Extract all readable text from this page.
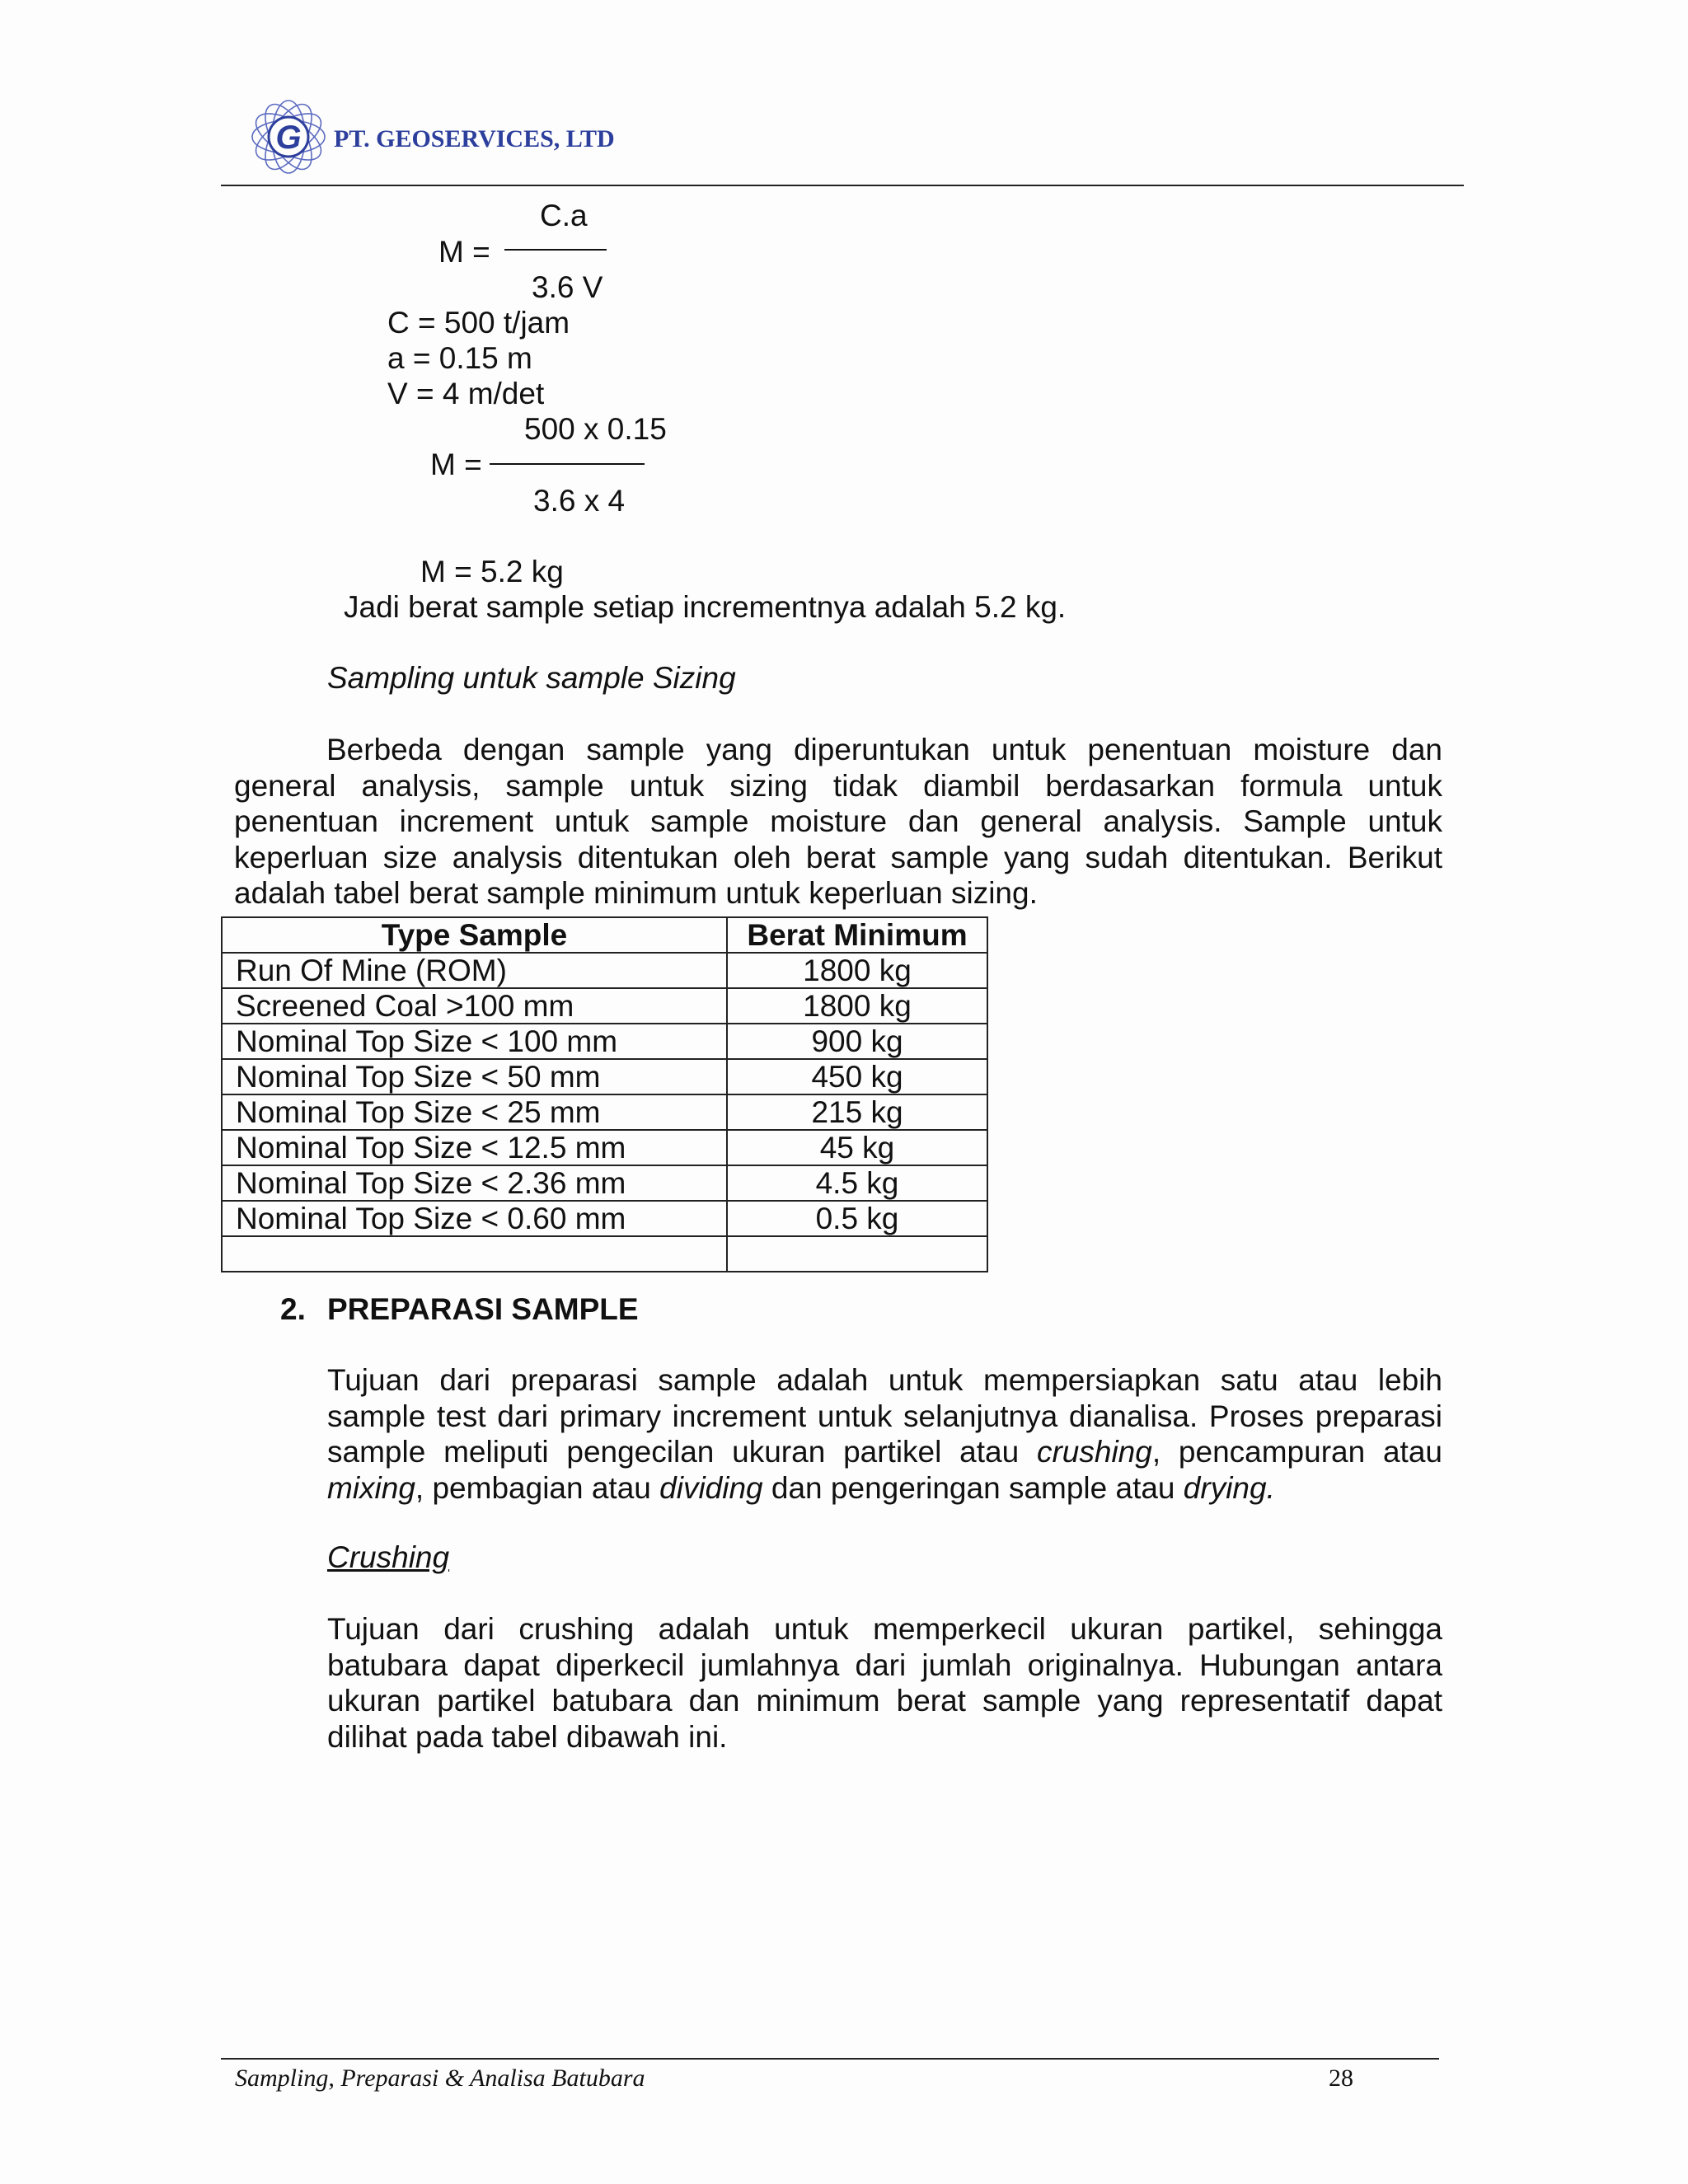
G PT. GEOSERVICES, LTD
M =
C.a
3.6 V
C = 500 t/jam
a = 0.15 m
V = 4 m/det
500 x 0.15
M =
3.6 x 4
M = 5.2 kg
Jadi berat sample setiap incrementnya adalah 5.2 kg.
Sampling untuk sample Sizing
Berbeda dengan sample yang diperuntukan untuk penentuan moisture dan
general analysis, sample untuk sizing tidak diambil berdasarkan formula untuk
penentuan increment untuk sample moisture dan general analysis. Sample untuk
keperluan size analysis ditentukan oleh berat sample yang sudah ditentukan. Berikut
adalah tabel berat sample minimum untuk keperluan sizing.
Type Sample	Berat Minimum
Run Of Mine (ROM)	1800 kg
Screened Coal >100 mm	1800 kg
Nominal Top Size < 100 mm	900 kg
Nominal Top Size < 50 mm	450 kg
Nominal Top Size < 25 mm	215 kg
Nominal Top Size < 12.5 mm	45 kg
Nominal Top Size < 2.36 mm	4.5 kg
Nominal Top Size < 0.60 mm	0.5 kg

2. PREPARASI SAMPLE
Tujuan dari preparasi sample adalah untuk mempersiapkan satu atau lebih
sample test dari primary increment untuk selanjutnya dianalisa. Proses preparasi
sample meliputi pengecilan ukuran partikel atau crushing, pencampuran atau
mixing, pembagian atau dividing dan pengeringan sample atau drying.
Crushing
Tujuan dari crushing adalah untuk memperkecil ukuran partikel, sehingga
batubara dapat diperkecil jumlahnya dari jumlah originalnya. Hubungan antara
ukuran partikel batubara dan minimum berat sample yang representatif dapat
dilihat pada tabel dibawah ini.
Sampling, Preparasi & Analisa Batubara	28
